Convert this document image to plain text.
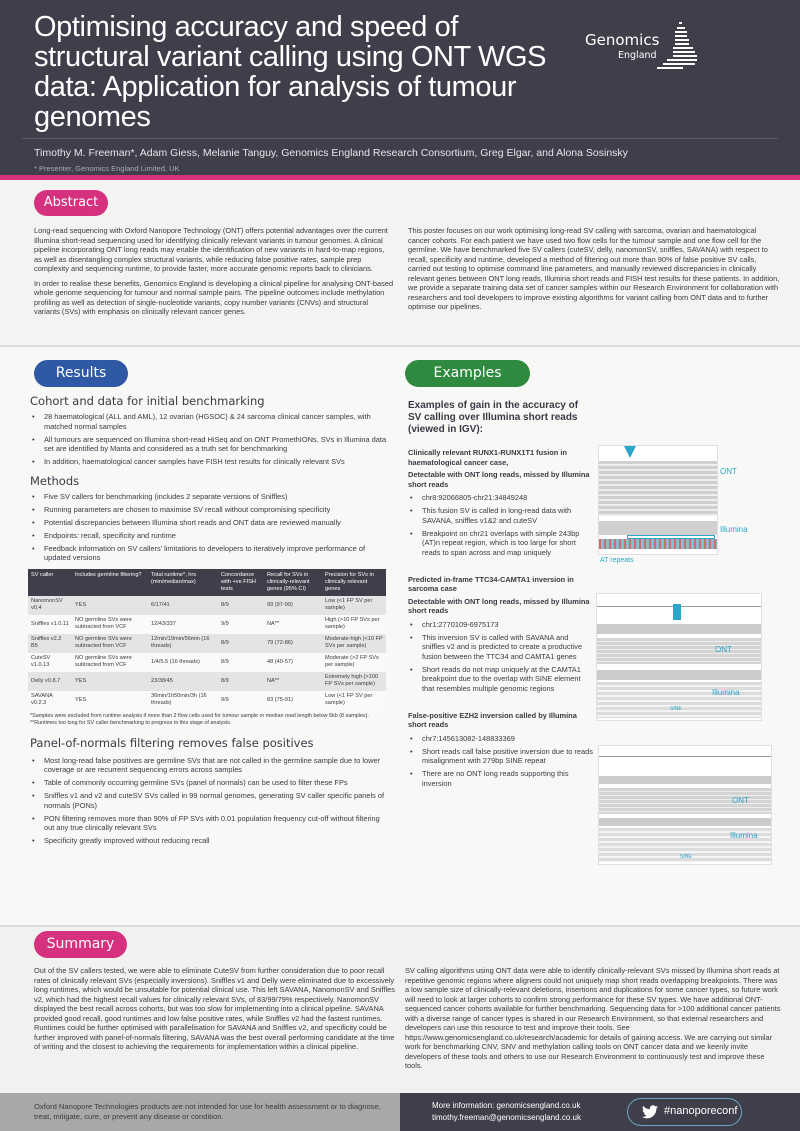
Optimising accuracy and speed of structural variant calling using ONT WGS data: Application for analysis of tumour genomes
Timothy M. Freeman*, Adam Giess, Melanie Tanguy, Genomics England Research Consortium, Greg Elgar, and Alona Sosinsky
* Presenter, Genomics England Limited, UK
Genomics
England
Abstract

Long-read sequencing with Oxford Nanopore Technology (ONT) offers potential advantages over the current Illumina short-read sequencing used for identifying clinically relevant variants in tumour genomes. A clinical pipeline incorporating ONT long reads may enable the identification of new variants in hard-to-map regions, as well as disentangling complex structural variants, while reducing false positive rates, sample prep complexity and sequencing runtime, to provide faster, more accurate genomic reports back to clinicians.

In order to realise these benefits, Genomics England is developing a clinical pipeline for analysing ONT-based whole genome sequencing for tumour and normal sample pairs. The pipeline outcomes include methylation profiling as well as detection of single-nucleotide variants, copy number variants (CNVs) and structural variants (SVs) with emphasis on clinically relevant cancer genes.

This poster focuses on our work optimising long-read SV calling with sarcoma, ovarian and haematological cancer cohorts. For each patient we have used two flow cells for the tumour sample and one flow cell for the germline. We have benchmarked five SV callers (cuteSV, delly, nanomonSV, sniffles, SAVANA) with respect to recall, specificity and runtime, developed a method of filtering out more than 90% of false positive SV calls, carried out testing to optimise command line parameters, and manually reviewed discrepancies in clinically relevant genes between ONT long reads, Illumina short reads and FISH test results for these patients. In addition, we provide a separate training data set of cancer samples within our Research Environment for collaboration with researchers and tool developers to improve existing algorithms for variant calling from ONT data and to further optimise our pipelines.
Results
Cohort and data for initial benchmarking
• 28 haematological (ALL and AML), 12 ovarian (HGSOC) & 24 sarcoma clinical cancer samples, with matched normal samples
• All tumours are sequenced on Illumina short-read HiSeq and on ONT PromethIONs. SVs in Illumina data set are identified by Manta and considered as a truth set for benchmarking
• In addition, haematological cancer samples have FISH test results for clinically relevant SVs
Methods
• Five SV callers for benchmarking (includes 2 separate versions of Sniffles)
• Running parameters are chosen to maximise SV recall without compromising specificity
• Potential discrepancies between Illumina short reads and ONT data are reviewed manually
• Endpoints: recall, specificity and runtime
• Feedback information on SV callers' limitations to developers to iteratively improve performance of updated versions
SV caller	Includes germline filtering?	Total runtime*, hrs (min/median/max)	Concordance with +ve FISH tests	Recall for SVs in clinically-relevant genes (95% CI)	Precision for SVs in clinically relevant genes
NanomonSV v0.4	YES	6/17/41	8/9	99 (97-99)	Low (<1 FP SV per sample)
Sniffles v1.0.11	NO germline SVs were subtracted from VCF	12/43/337	9/9	NA**	High (>10 FP SVs per sample)
Sniffles v2.2 B5	NO germline SVs were subtracted from VCF	12min/19min/56min (16 threads)	8/9	79 (72-86)	Moderate-high (<10 FP SVs per sample)
CuteSV v1.0.13	NO germline SVs were subtracted from VCF	1/4/5.5 (16 threads)	8/9	48 (40-57)	Moderate (>2 FP SVs per sample)
Delly v0.8.7	YES	23/38/45	8/9	NA**	Extremely high (>100 FP SVs per sample)
SAVANA v0.2.3	YES	36min/1h50min/3h (16 threads)	9/9	83 (75-91)	Low (<1 FP SV per sample)
*Samples were excluded from runtime analysis if more than 2 flow cells used for tumour sample or median read length below 5kb (8 samples). **Runtimes too long for SV caller benchmarking to progress to this stage of analysis.
Panel-of-normals filtering removes false positives
• Most long-read false positives are germline SVs that are not called in the germline sample due to lower coverage or are recurrent sequencing errors across samples
• Table of commonly occurring germline SVs (panel of normals) can be used to filter these FPs
• Sniffles v1 and v2 and cuteSV SVs called in 99 normal genomes, generating SV caller specific panels of normals (PONs)
• PON filtering removes more than 90% of FP SVs with 0.01 population frequency cut-off without filtering out any true clinically relevant SVs
• Specificity greatly improved without reducing recall
Examples
Examples of gain in the accuracy of SV calling over Illumina short reads (viewed in IGV):
Clinically relevant RUNX1-RUNX1T1 fusion in haematological cancer case,
Detectable with ONT long reads, missed by Illumina short reads
• chr8:92066805-chr21:34849248
• This fusion SV is called in long-read data with SAVANA, sniffles v1&2 and cuteSV
• Breakpoint on chr21 overlaps with simple 243bp (AT)n repeat region, which is too large for short reads to span across and map uniquely
Predicted in-frame TTC34-CAMTA1 inversion in sarcoma case
Detectable with ONT long reads, missed by Illumina short reads
• chr1:2770109-6975173
• This inversion SV is called with SAVANA and sniffles v2 and is predicted to create a productive fusion between the TTC34 and CAMTA1 genes
• Short reads do not map uniquely at the CAMTA1 breakpoint due to the overlap with SINE element that resembles multiple genomic regions
False-positive EZH2 inversion called by Illumina short reads
• chr7:145613082-148833369
• Short reads call false positive inversion due to reads misalignment with 279bp SINE repeat
• There are no ONT long reads supporting this inversion
ONT
Illumina
AT repeats
ONT
Illumina
SINE
ONT
Illumina
SINE
Summary
Out of the SV callers tested, we were able to eliminate CuteSV from further consideration due to poor recall rates of clinically relevant SVs (especially inversions). Sniffles v1 and Delly were eliminated due to excessively long runtimes, which would be unsuitable for potential clinical use. This left SAVANA, NanomonSV and Sniffles v2, which had the highest recall values for clinically relevant SVs, of 83/99/79% respectively. NanomonSV displayed the best recall across cohorts, but was too slow for implementing into a clinical pipeline. SAVANA provided good recall, good runtimes and low false positive rates, while Sniffles v2 had the fastest runtimes. Runtimes could be further optimised with parallelisation for SAVANA and Sniffles v2, and specificity could be further improved with panel-of-normals filtering, SAVANA was the best overall performing candidate at the time of writing and the closest to achieving the requirements for implementation within a clinical pipeline.
SV calling algorithms using ONT data were able to identify clinically-relevant SVs missed by Illumina short reads at repetitive genomic regions where aligners could not uniquely map short reads overlapping breakpoints. There was a low sample size of clinically-relevant deletions, insertions and duplications for some cancer types, so future work will need to look at larger cohorts to confirm strong performance for these SV types. We have additional ONT-sequenced cancer cohorts available for further benchmarking. Sequencing data for >100 additional cancer patients with a diverse range of cancer types is shared in our Research Environment, so that external researchers and developers can use this resource to test and improve their tools. See https://www.genomicsengland.co.uk/research/academic for details of gaining access. We are carrying out similar work for benchmarking CNV, SNV and methylation calling tools on ONT cancer data and we keenly invite developers of these tools and others to use our Research Environment to continuously test and improve these tools.
Oxford Nanopore Technologies products are not intended for use for health assessment or to diagnose, treat, mitigate, cure, or prevent any disease or condition.
More information: genomicsengland.co.uk
timothy.freeman@genomicsengland.co.uk
#nanoporeconf
